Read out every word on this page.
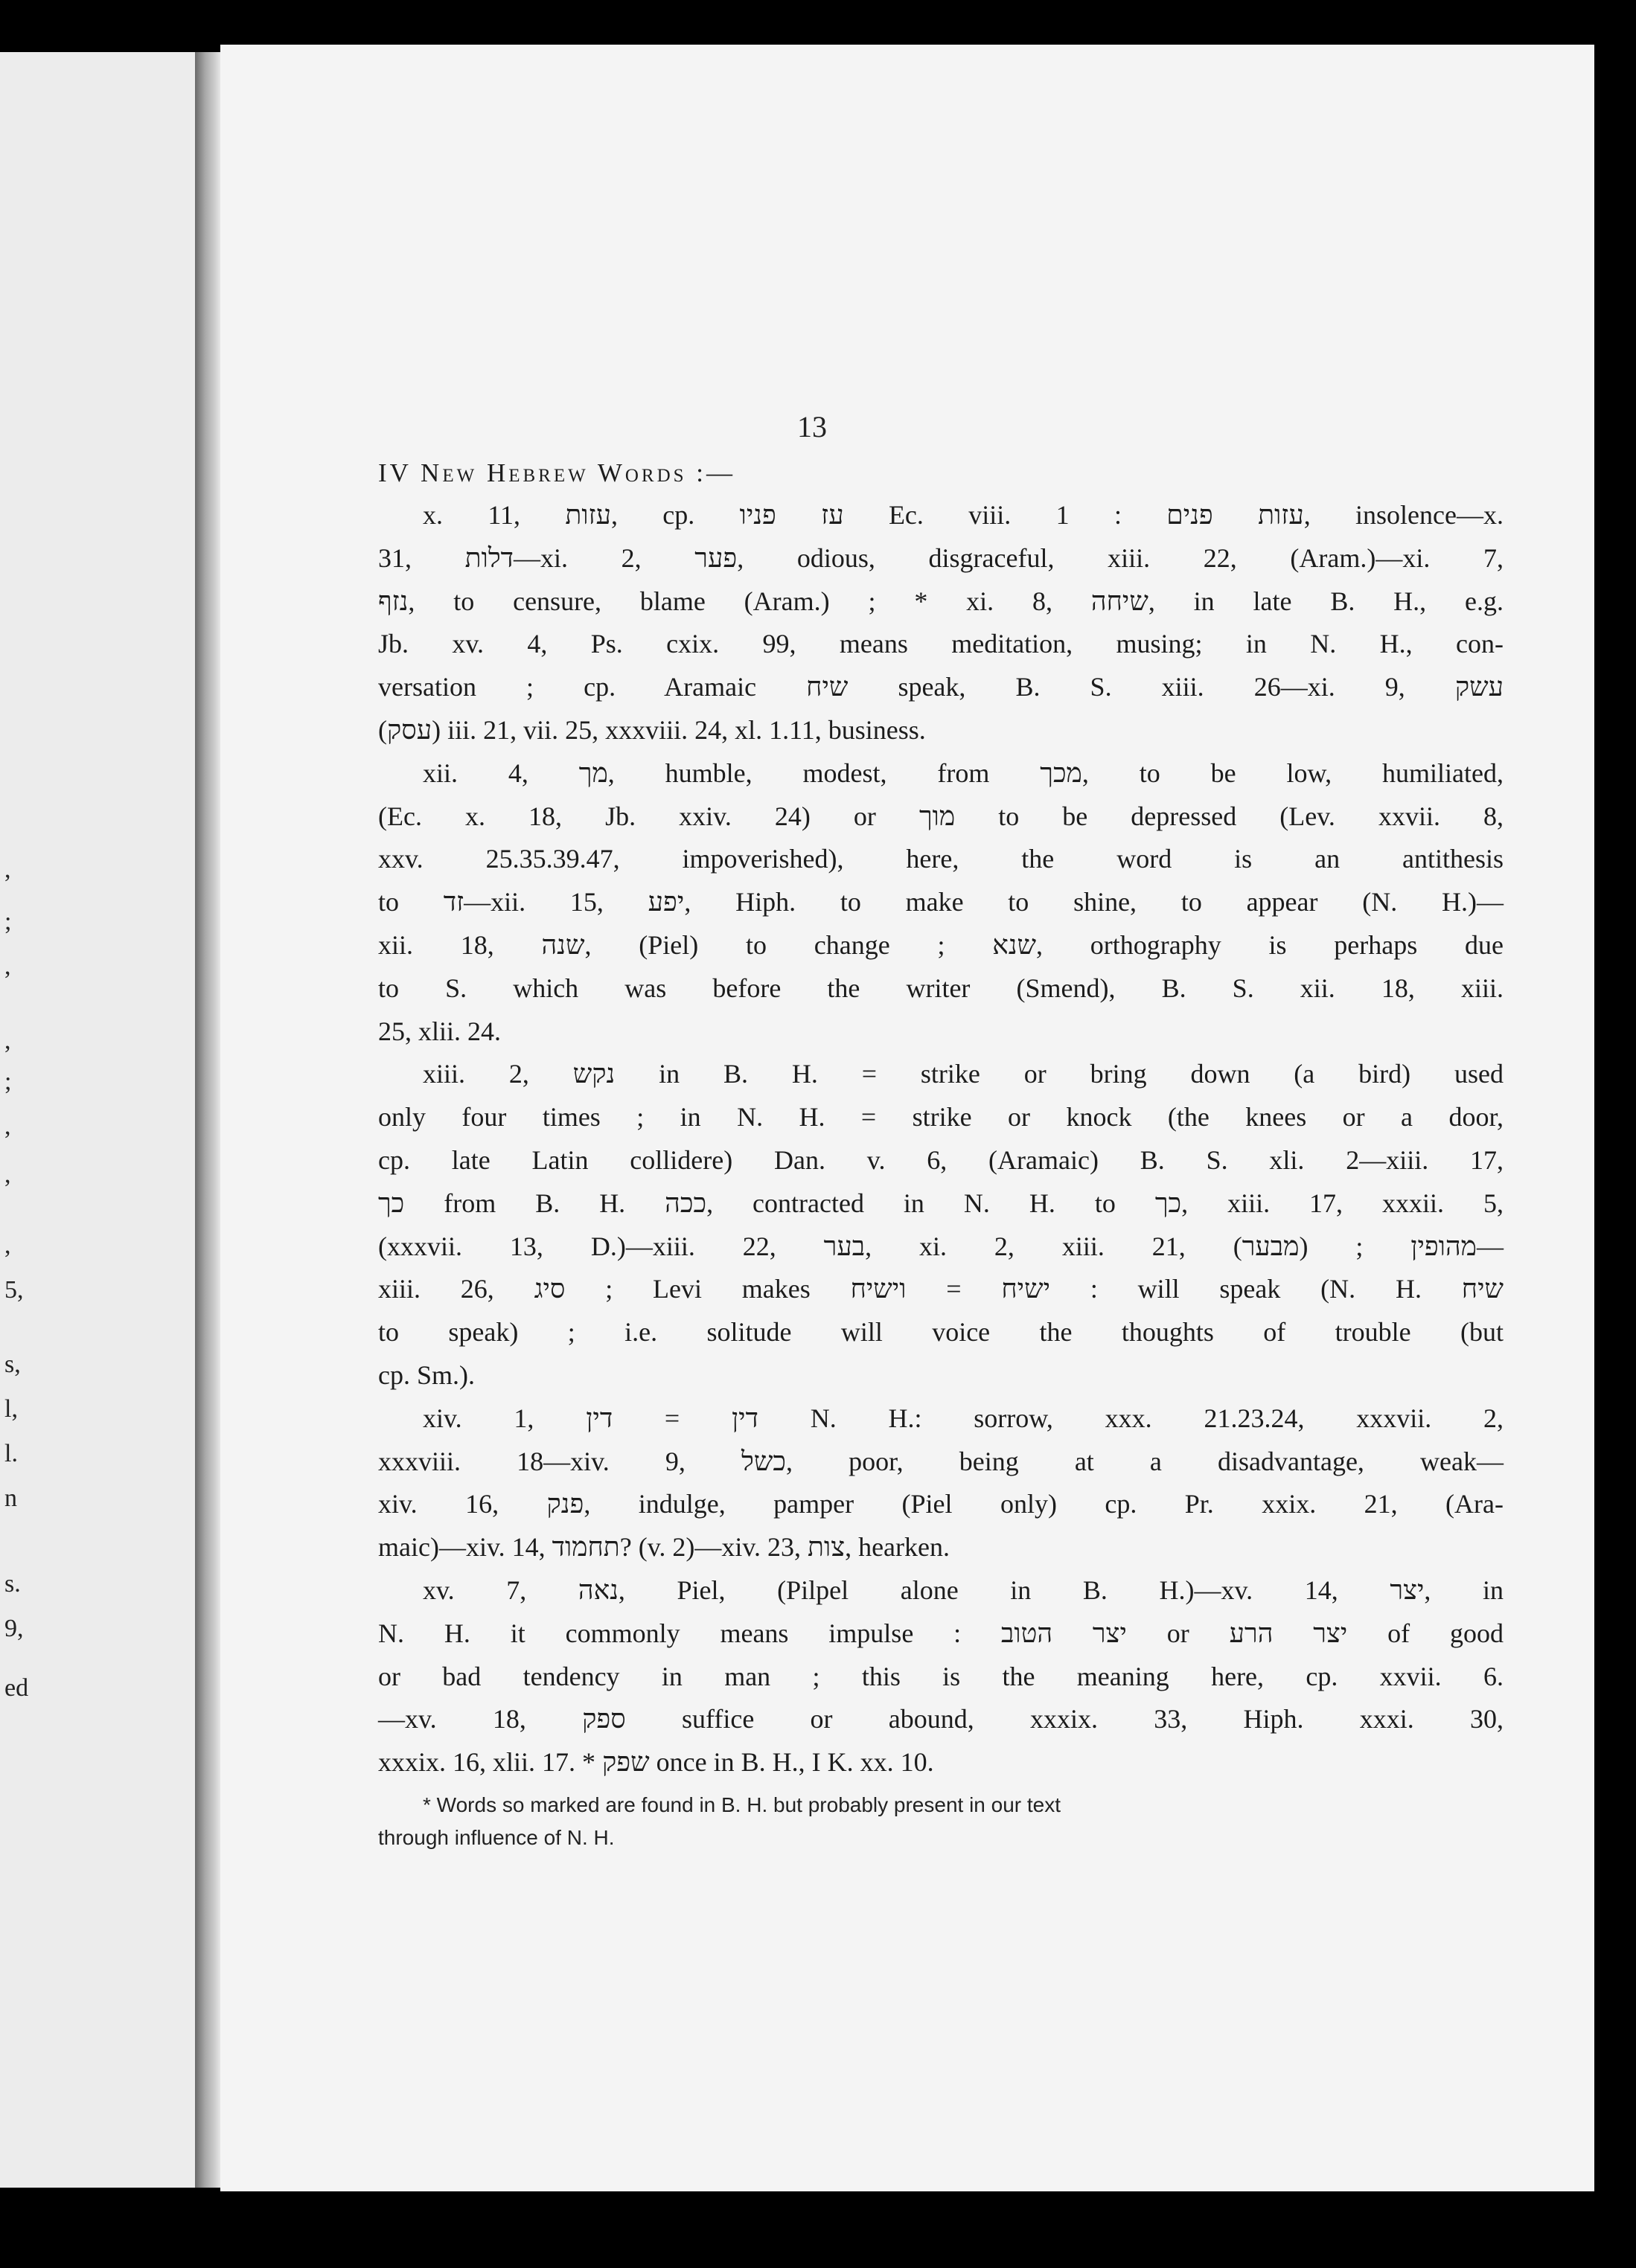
,
;
,
,
;
,
,
,
5,
s,
l,
l.
n
s.
9,
ed
13
IV New Hebrew Words :—
x. 11, עזות, cp. עז פניו Ec. viii. 1 : עזות פנים, insolence—x.
31, דלות—xi. 2, פער, odious, disgraceful, xiii. 22, (Aram.)—xi. 7,
נזף, to censure, blame (Aram.) ; * xi. 8, שיחה, in late B. H., e.g.
Jb. xv. 4, Ps. cxix. 99, means meditation, musing; in N. H., con-
versation ; cp. Aramaic שיח speak, B. S. xiii. 26—xi. 9, עשק
(עסק) iii. 21, vii. 25, xxxviii. 24, xl. 1.11, business.
xii. 4, מך, humble, modest, from מכך, to be low, humiliated,
(Ec. x. 18, Jb. xxiv. 24) or מוך to be depressed (Lev. xxvii. 8,
xxv. 25.35.39.47, impoverished), here, the word is an antithesis
to זד—xii. 15, יפע, Hiph. to make to shine, to appear (N. H.)—
xii. 18, שנה, (Piel) to change ; שנא, orthography is perhaps due
to S. which was before the writer (Smend), B. S. xii. 18, xiii.
25, xlii. 24.
xiii. 2, נקש in B. H. = strike or bring down (a bird) used
only four times ; in N. H. = strike or knock (the knees or a door,
cp. late Latin collidere) Dan. v. 6, (Aramaic) B. S. xli. 2—xiii. 17,
כך from B. H. ככה, contracted in N. H. to כך, xiii. 17, xxxii. 5,
(xxxvii. 13, D.)—xiii. 22, בער, xi. 2, xiii. 21, (מבער) ; מהופין—
xiii. 26, סיג ; Levi makes ישיח = וישיח : will speak (N. H. שיח
to speak) ; i.e. solitude will voice the thoughts of trouble (but
cp. Sm.).
xiv. 1, דין = דין N. H.: sorrow, xxx. 21.23.24, xxxvii. 2,
xxxviii. 18—xiv. 9, כשל, poor, being at a disadvantage, weak—
xiv. 16, פנק, indulge, pamper (Piel only) cp. Pr. xxix. 21, (Ara-
maic)—xiv. 14, תחמוד? (v. 2)—xiv. 23, צות, hearken.
xv. 7, נאה, Piel, (Pilpel alone in B. H.)—xv. 14, יצר, in
N. H. it commonly means impulse : יצר הטוב or יצר הרע of good
or bad tendency in man ; this is the meaning here, cp. xxvii. 6.
—xv. 18, ספק suffice or abound, xxxix. 33, Hiph. xxxi. 30,
xxxix. 16, xlii. 17. * שפק once in B. H., I K. xx. 10.
* Words so marked are found in B. H. but probably present in our text
through influence of N. H.
